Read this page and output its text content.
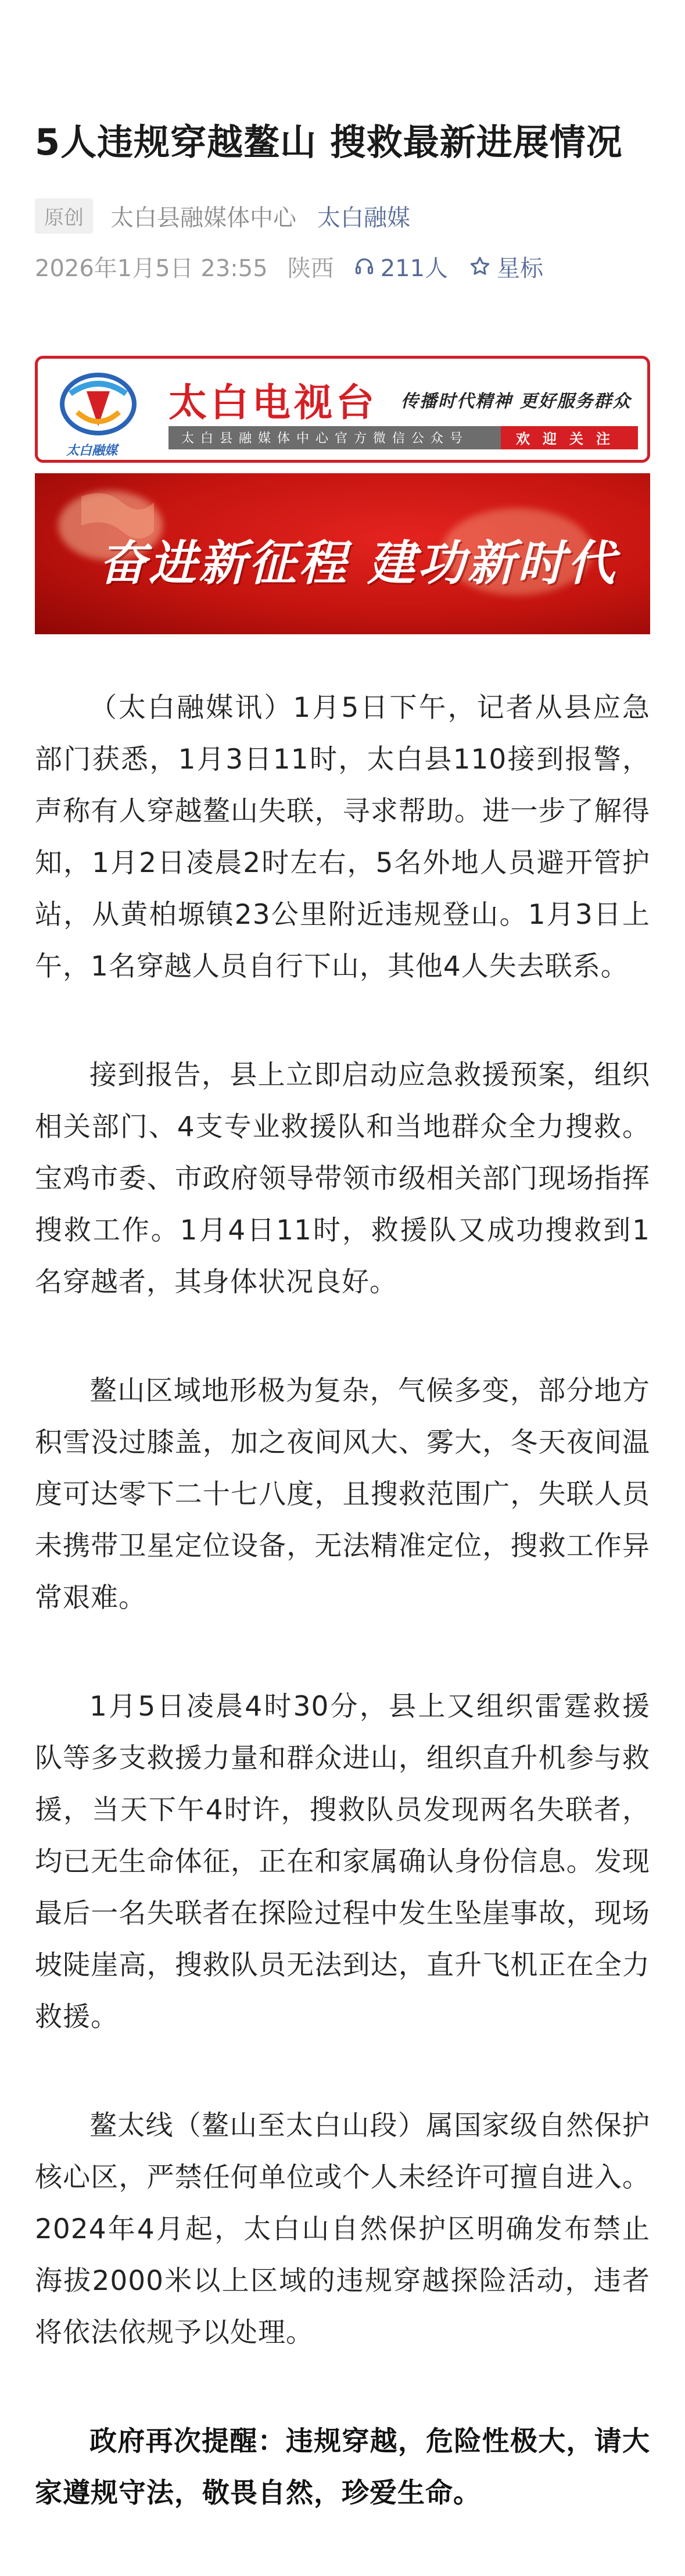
5人违规穿越鳌山 搜救最新进展情况
原创	太白县融媒体中心 太白融媒
2026年1月5日 23:55 陕西 211人 星标
太白融媒
太白电视台 传播时代精神 更好服务群众
太 白 县 融 媒 体 中 心 官 方 微 信 公 众 号	欢迎关注
奋进新征程 建功新时代

（太白融媒讯）1月5日下午，记者从县应急部门获悉，1月3日11时，太白县110接到报警，声称有人穿越鳌山失联，寻求帮助。进一步了解得知，1月2日凌晨2时左右，5名外地人员避开管护站，从黄柏塬镇23公里附近违规登山。1月3日上午，1名穿越人员自行下山，其他4人失去联系。

接到报告，县上立即启动应急救援预案，组织相关部门、4支专业救援队和当地群众全力搜救。宝鸡市委、市政府领导带领市级相关部门现场指挥搜救工作。1月4日11时，救援队又成功搜救到1名穿越者，其身体状况良好。

鳌山区域地形极为复杂，气候多变，部分地方积雪没过膝盖，加之夜间风大、雾大，冬天夜间温度可达零下二十七八度，且搜救范围广，失联人员未携带卫星定位设备，无法精准定位，搜救工作异常艰难。

1月5日凌晨4时30分，县上又组织雷霆救援队等多支救援力量和群众进山，组织直升机参与救援，当天下午4时许，搜救队员发现两名失联者，均已无生命体征，正在和家属确认身份信息。发现最后一名失联者在探险过程中发生坠崖事故，现场坡陡崖高，搜救队员无法到达，直升飞机正在全力救援。

鳌太线（鳌山至太白山段）属国家级自然保护核心区，严禁任何单位或个人未经许可擅自进入。2024年4月起，太白山自然保护区明确发布禁止海拔2000米以上区域的违规穿越探险活动，违者将依法依规予以处理。

政府再次提醒：违规穿越，危险性极大，请大家遵规守法，敬畏自然，珍爱生命。
